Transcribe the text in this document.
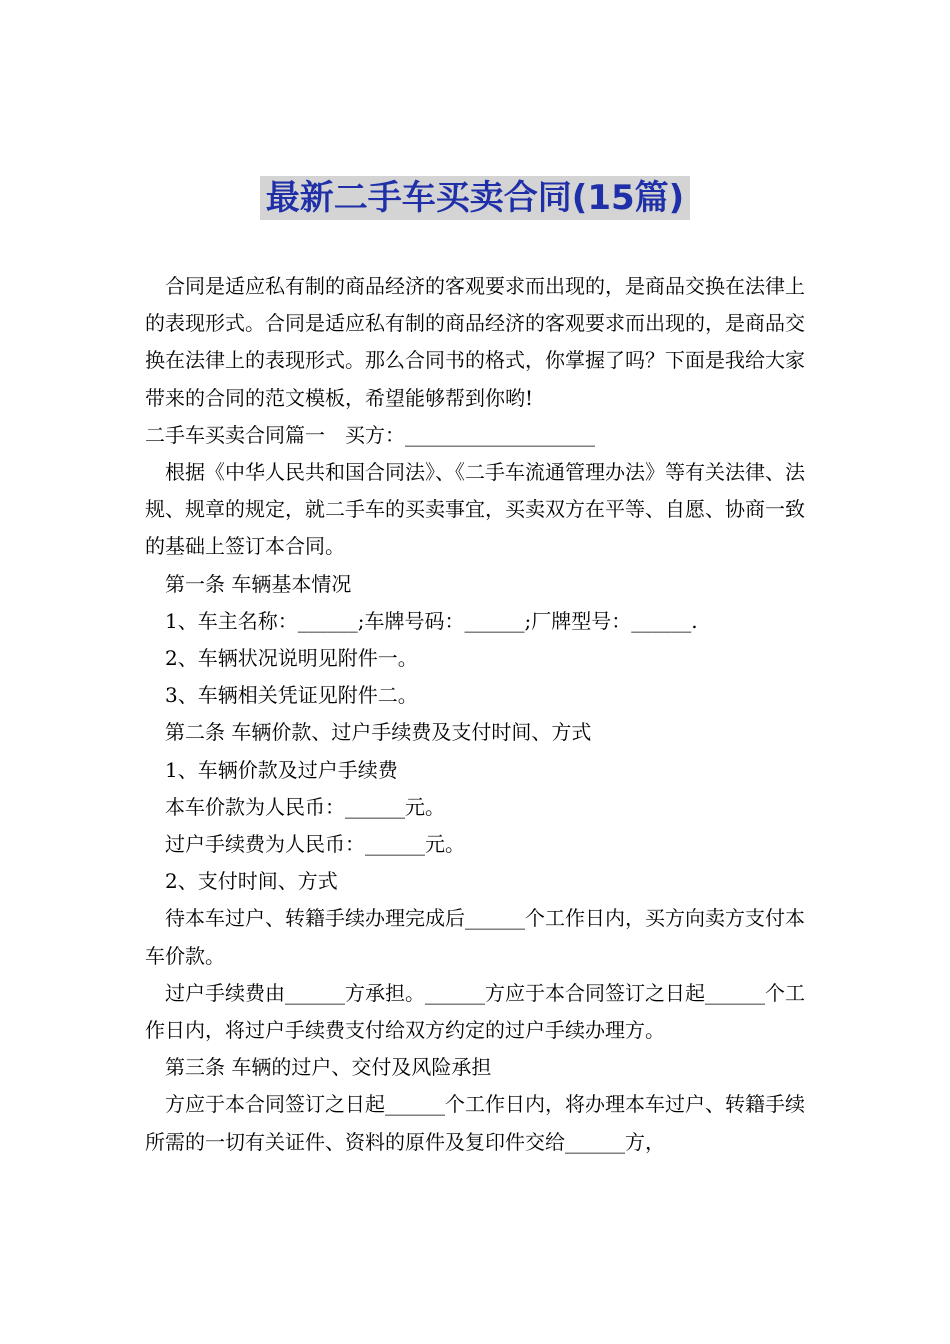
最新二手车买卖合同(15篇)

合同是适应私有制的商品经济的客观要求而出现的，是商品交换在法律上的表现形式。合同是适应私有制的商品经济的客观要求而出现的，是商品交换在法律上的表现形式。那么合同书的格式，你掌握了吗？下面是我给大家带来的合同的范文模板，希望能够帮到你哟!

二手车买卖合同篇一　买方：___________________

根据《中华人民共和国合同法》、《二手车流通管理办法》等有关法律、法规、规章的规定，就二手车的买卖事宜，买卖双方在平等、自愿、协商一致的基础上签订本合同。

第一条 车辆基本情况

1、车主名称：______;车牌号码：______;厂牌型号：______.

2、车辆状况说明见附件一。

3、车辆相关凭证见附件二。

第二条 车辆价款、过户手续费及支付时间、方式

1、车辆价款及过户手续费

本车价款为人民币：______元。

过户手续费为人民币：______元。

2、支付时间、方式

待本车过户、转籍手续办理完成后______个工作日内，买方向卖方支付本车价款。

过户手续费由______方承担。______方应于本合同签订之日起______个工作日内，将过户手续费支付给双方约定的过户手续办理方。

第三条 车辆的过户、交付及风险承担

方应于本合同签订之日起______个工作日内，将办理本车过户、转籍手续所需的一切有关证件、资料的原件及复印件交给______方，
